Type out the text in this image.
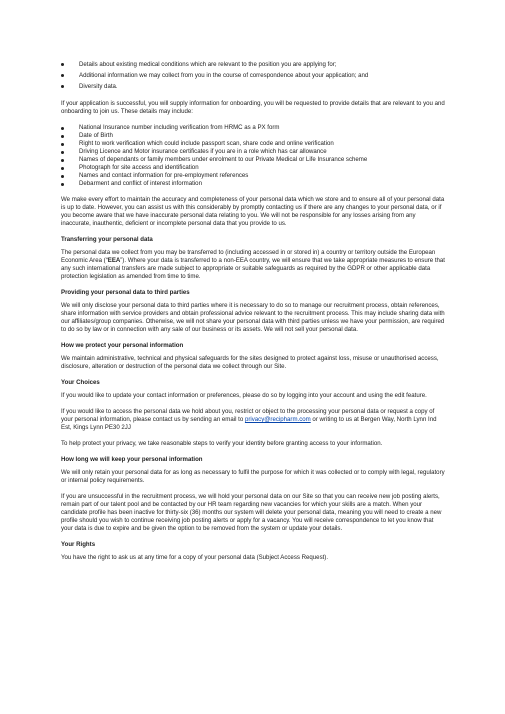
Details about existing medical conditions which are relevant to the position you are applying for;
Additional information we may collect from you in the course of correspondence about your application; and
Diversity data.

If your application is successful, you will supply information for onboarding, you will be requested to provide details that are relevant to you and onboarding to join us. These details may include:

National Insurance number including verification from HRMC as a PX form
Date of Birth
Right to work verification which could include passport scan, share code and online verification
Driving Licence and Motor insurance certificates if you are in a role which has car allowance
Names of dependants or family members under enrolment to our Private Medical or Life Insurance scheme
Photograph for site access and identification
Names and contact information for pre-employment references
Debarment and conflict of interest information

We make every effort to maintain the accuracy and completeness of your personal data which we store and to ensure all of your personal data is up to date. However, you can assist us with this considerably by promptly contacting us if there are any changes to your personal data, or if you become aware that we have inaccurate personal data relating to you. We will not be responsible for any losses arising from any inaccurate, inauthentic, deficient or incomplete personal data that you provide to us.

Transferring your personal data

The personal data we collect from you may be transferred to (including accessed in or stored in) a country or territory outside the European Economic Area (“EEA”). Where your data is transferred to a non-EEA country, we will ensure that we take appropriate measures to ensure that any such international transfers are made subject to appropriate or suitable safeguards as required by the GDPR or other applicable data protection legislation as amended from time to time.

Providing your personal data to third parties

We will only disclose your personal data to third parties where it is necessary to do so to manage our recruitment process, obtain references, share information with service providers and obtain professional advice relevant to the recruitment process. This may include sharing data with our affiliates/group companies. Otherwise, we will not share your personal data with third parties unless we have your permission, are required to do so by law or in connection with any sale of our business or its assets. We will not sell your personal data.

How we protect your personal information

We maintain administrative, technical and physical safeguards for the sites designed to protect against loss, misuse or unauthorised access, disclosure, alteration or destruction of the personal data we collect through our Site.

Your Choices

If you would like to update your contact information or preferences, please do so by logging into your account and using the edit feature.

If you would like to access the personal data we hold about you, restrict or object to the processing your personal data or request a copy of your personal information, please contact us by sending an email to privacy@recipharm.com or writing to us at Bergen Way, North Lynn Ind Est, Kings Lynn PE30 2JJ

To help protect your privacy, we take reasonable steps to verify your identity before granting access to your information.

How long we will keep your personal information

We will only retain your personal data for as long as necessary to fulfil the purpose for which it was collected or to comply with legal, regulatory or internal policy requirements.

If you are unsuccessful in the recruitment process, we will hold your personal data on our Site so that you can receive new job posting alerts, remain part of our talent pool and be contacted by our HR team regarding new vacancies for which your skills are a match. When your candidate profile has been inactive for thirty-six (36) months our system will delete your personal data, meaning you will need to create a new profile should you wish to continue receiving job posting alerts or apply for a vacancy. You will receive correspondence to let you know that your data is due to expire and be given the option to be removed from the system or update your details.

Your Rights

You have the right to ask us at any time for a copy of your personal data (Subject Access Request).
